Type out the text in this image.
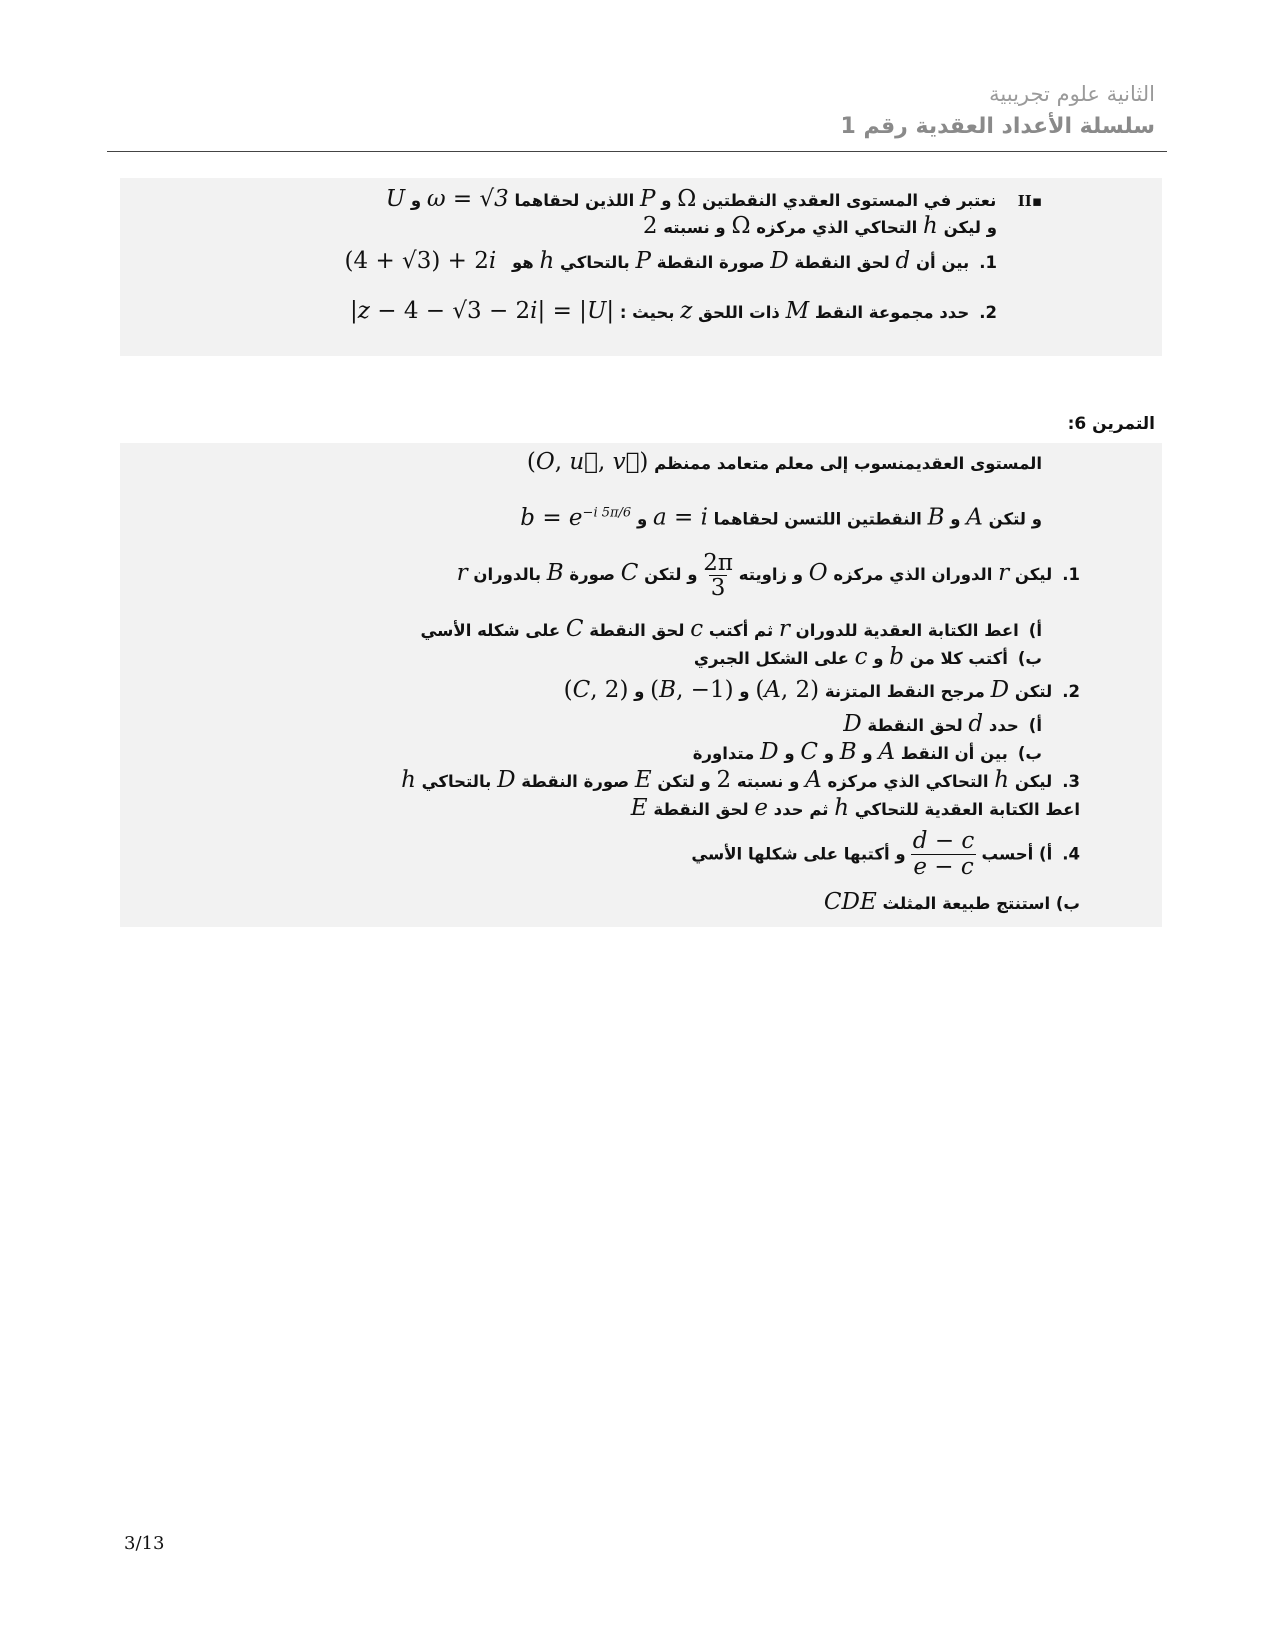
الثانية علوم تجريبية
سلسلة الأعداد العقدية رقم 1
▪II  نعتبر في المستوى العقدي النقطتين Ω و P اللذين لحقاهما ω = √3 و U
و ليكن h التحاكي الذي مركزه Ω و نسبته 2
1.بين أن d لحق النقطة D صورة النقطة P بالتحاكي h هو (4 + √3) + 2i
2.حدد مجموعة النقط M ذات اللحق z بحيث : |z − 4 − √3 − 2i| = |U|
التمرين 6:
المستوى العقديمنسوب إلى معلم متعامد ممنظم (O, u⃗, v⃗)
و لتكن A و B النقطتين اللتسن لحقاهما a = i و $b = e^{-i 5\pi/6}$
1.ليكن r الدوران الذي مركزه O و زاويته 2π
3 و لتكن C صورة B بالدوران r
أ)اعط الكتابة العقدية للدوران r ثم أكتب c لحق النقطة C على شكله الأسي
ب)أكتب كلا من b و c على الشكل الجبري
2.لتكن D مرجح النقط المتزنة (A, 2) و (B, −1) و (C, 2)
أ)حدد d لحق النقطة D
ب)بين أن النقط A و B و C و D متداورة
3.ليكن h التحاكي الذي مركزه A و نسبته 2 و لتكن E صورة النقطة D بالتحاكي h
اعط الكتابة العقدية للتحاكي h ثم حدد e لحق النقطة E
4.أ) أحسب d − c
e − c و أكتبها على شكلها الأسي
ب) استنتج طبيعة المثلث CDE
3/13
